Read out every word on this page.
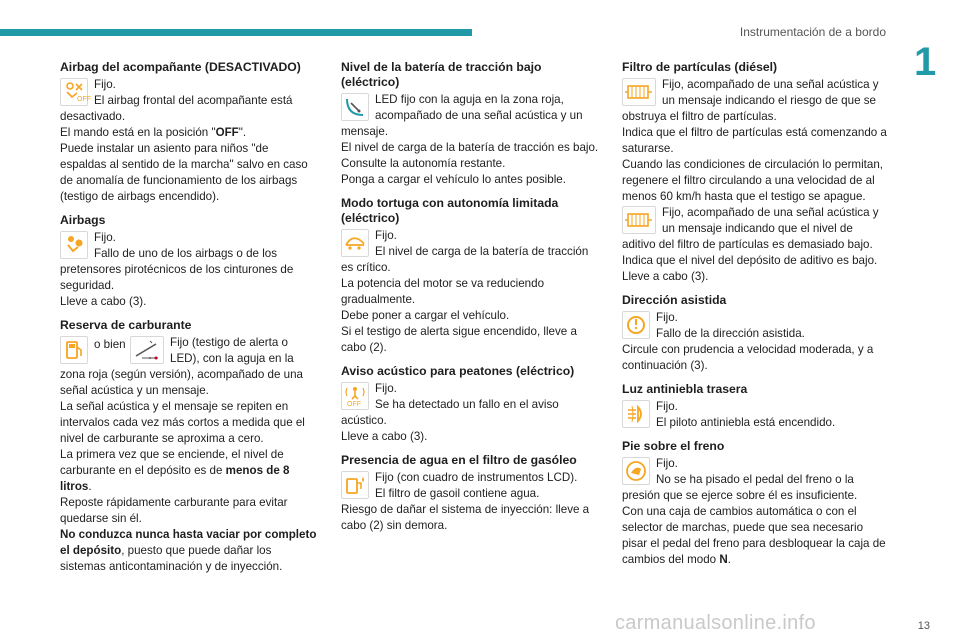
Instrumentación de a bordo
1
Airbag del acompañante (DESACTIVADO)
OFF
Fijo.
El airbag frontal del acompañante está desactivado.
El mando está en la posición "OFF".
Puede instalar un asiento para niños "de espaldas al sentido de la marcha" salvo en caso de anomalía de funcionamiento de los airbags (testigo de airbags encendido).
Airbags
Fijo.
Fallo de uno de los airbags o de los pretensores pirotécnicos de los cinturones de seguridad.
Lleve a cabo (3).
Reserva de carburante
o bien	Fijo (testigo de alerta o LED), con la aguja en la zona roja (según versión), acompañado de una señal acústica y un mensaje.
La señal acústica y el mensaje se repiten en intervalos cada vez más cortos a medida que el nivel de carburante se aproxima a cero.
La primera vez que se enciende, el nivel de carburante en el depósito es de menos de 8 litros.
Reposte rápidamente carburante para evitar quedarse sin él.
No conduzca nunca hasta vaciar por completo el depósito, puesto que puede dañar los sistemas anticontaminación y de inyección.
Nivel de la batería de tracción bajo (eléctrico)
LED fijo con la aguja en la zona roja, acompañado de una señal acústica y un mensaje.
El nivel de carga de la batería de tracción es bajo.
Consulte la autonomía restante.
Ponga a cargar el vehículo lo antes posible.
Modo tortuga con autonomía limitada (eléctrico)
Fijo.
El nivel de carga de la batería de tracción es crítico.
La potencia del motor se va reduciendo gradualmente.
Debe poner a cargar el vehículo.
Si el testigo de alerta sigue encendido, lleve a cabo (2).
Aviso acústico para peatones (eléctrico)
OFF
Fijo.
Se ha detectado un fallo en el aviso acústico.
Lleve a cabo (3).
Presencia de agua en el filtro de gasóleo
Fijo (con cuadro de instrumentos LCD).
El filtro de gasoil contiene agua.
Riesgo de dañar el sistema de inyección: lleve a cabo (2) sin demora.
Filtro de partículas (diésel)
Fijo, acompañado de una señal acústica y un mensaje indicando el riesgo de que se obstruya el filtro de partículas.
Indica que el filtro de partículas está comenzando a saturarse.
Cuando las condiciones de circulación lo permitan, regenere el filtro circulando a una velocidad de al menos 60 km/h hasta que el testigo se apague.
Fijo, acompañado de una señal acústica y un mensaje indicando que el nivel de aditivo del filtro de partículas es demasiado bajo.
Indica que el nivel del depósito de aditivo es bajo.
Lleve a cabo (3).
Dirección asistida
Fijo.
Fallo de la dirección asistida.
Circule con prudencia a velocidad moderada, y a continuación (3).
Luz antiniebla trasera
Fijo.
El piloto antiniebla está encendido.
Pie sobre el freno
Fijo.
No se ha pisado el pedal del freno o la presión que se ejerce sobre él es insuficiente.
Con una caja de cambios automática o con el selector de marchas, puede que sea necesario pisar el pedal del freno para desbloquear la caja de cambios del modo N.
carmanualsonline.info	13
